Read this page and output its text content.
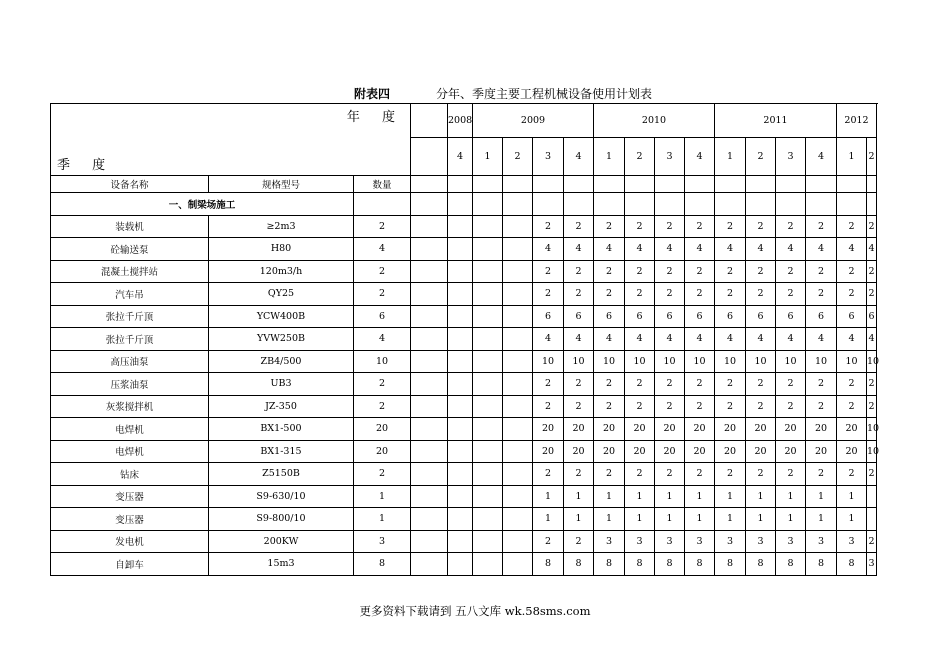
附表四	分年、季度主要工程机械设备使用计划表
年 度
季 度				2008	2009				2010				2011				2012		
				4	1	2	3	4	1	2	3	4	1	2	3	4	1	2	
设备名称	规格型号	数量																	
一、制梁场施工																			
装载机	≥2m3	2					2	2	2	2	2	2	2	2	2	2	2	2	
砼输送泵	H80	4					4	4	4	4	4	4	4	4	4	4	4	4	
混凝土搅拌站	120m3/h	2					2	2	2	2	2	2	2	2	2	2	2	2	
汽车吊	QY25	2					2	2	2	2	2	2	2	2	2	2	2	2	
张拉千斤顶	YCW400B	6					6	6	6	6	6	6	6	6	6	6	6	6	
张拉千斤顶	YVW250B	4					4	4	4	4	4	4	4	4	4	4	4	4	
高压油泵	ZB4/500	10					10	10	10	10	10	10	10	10	10	10	10	10	
压浆油泵	UB3	2					2	2	2	2	2	2	2	2	2	2	2	2	
灰浆搅拌机	JZ-350	2					2	2	2	2	2	2	2	2	2	2	2	2	
电焊机	BX1-500	20					20	20	20	20	20	20	20	20	20	20	20	10	
电焊机	BX1-315	20					20	20	20	20	20	20	20	20	20	20	20	10	
钻床	Z5150B	2					2	2	2	2	2	2	2	2	2	2	2	2	
变压器	S9-630/10	1					1	1	1	1	1	1	1	1	1	1	1		
变压器	S9-800/10	1					1	1	1	1	1	1	1	1	1	1	1		
发电机	200KW	3					2	2	3	3	3	3	3	3	3	3	3	2	
自卸车	15m3	8					8	8	8	8	8	8	8	8	8	8	8	3	
更多资料下载请到 五八文库 wk.58sms.com
